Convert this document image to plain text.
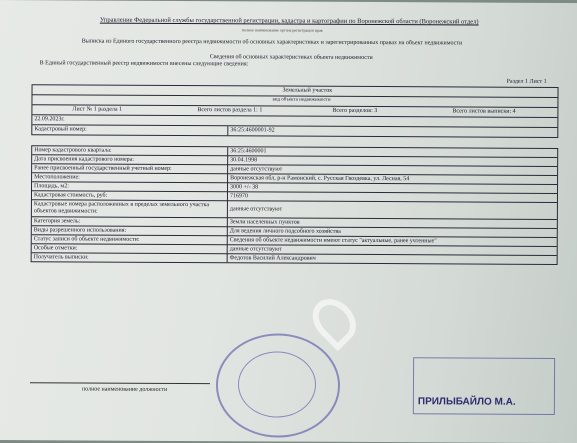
Управление Федеральной службы государственной регистрации, кадастра и картографии по Воронежской области (Воронежский отдел)
полное наименование органа регистрации прав
Выписка из Единого государственного реестра недвижимости об основных характеристиках и зарегистрированных правах на объект недвижимости
Сведения об основных характеристиках объекта недвижимости
В Единый государственный реестр недвижимости внесены следующие сведения:
Раздел 1 Лист 1
Земельный участок
вид объекта недвижимости
Лист № 1 раздела 1	Всего листов раздела 1: 1	Всего разделов: 3	Всего листов выписки: 4
22.09.2023г.
Кадастровый номер:	36:25:4600001-92
Номер кадастрового квартала:	36:25:4600001
Дата присвоения кадастрового номера:	30.04.1998
Ранее присвоенный государственный учетный номер:	данные отсутствуют
Местоположение:	Воронежская обл, р-н Рамонский, с. Русская Гвоздевка, ул. Лесная, 54
Площадь, м2:	3000 +/- 38
Кадастровая стоимость, руб:	716970
Кадастровые номера расположенных в пределах земельного участка объектов недвижимости:	данные отсутствуют
Категория земель:	Земли населенных пунктов
Виды разрешенного использования:	Для ведения личного подсобного хозяйства
Статус записи об объекте недвижимости:	Сведения об объекте недвижимости имеют статус "актуальные, ранее учтенные"
Особые отметки:	данные отсутствуют
Получатель выписки:	Федотов Василий Александрович
полное наименование должности
ПРИЛЫБАЙЛО М.А.
